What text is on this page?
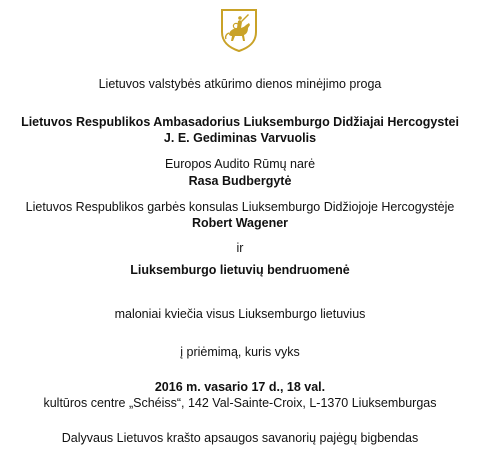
Lietuvos valstybės atkūrimo dienos minėjimo proga
Lietuvos Respublikos Ambasadorius Liuksemburgo Didžiajai Hercogystei
J. E. Gediminas Varvuolis
Europos Audito Rūmų narė
Rasa Budbergytė
Lietuvos Respublikos garbės konsulas Liuksemburgo Didžiojoje Hercogystėje
Robert Wagener
ir
Liuksemburgo lietuvių bendruomenė
maloniai kviečia visus Liuksemburgo lietuvius
į priėmimą, kuris vyks
2016 m. vasario 17 d., 18 val.
kultūros centre „Schéiss“, 142 Val-Sainte-Croix, L-1370 Liuksemburgas
Dalyvaus Lietuvos krašto apsaugos savanorių pajėgų bigbendas
